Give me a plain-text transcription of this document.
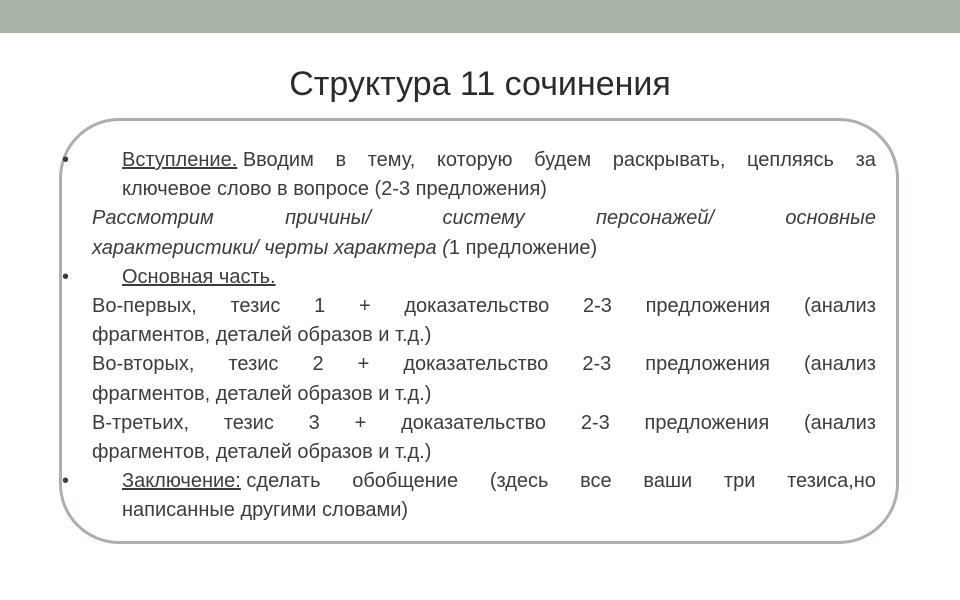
Структура 11 сочинения
•	Вступление. Вводим в тему, которую будем раскрывать, цепляясь за
ключевое слово в вопросе (2-3 предложения)
Рассмотрим	причины/	систему	персонажей/	основные
характеристики/ черты характера ( 1 предложение)
•	Основная часть.
Во-первых, тезис 1 + доказательство 2-3 предложения (анализ
фрагментов, деталей образов и т.д.)
Во-вторых, тезис 2 + доказательство 2-3 предложения (анализ
фрагментов, деталей образов и т.д.)
В-третьих, тезис 3 + доказательство 2-3 предложения (анализ
фрагментов, деталей образов и т.д.)
•	Заключение: сделать обобщение (здесь все ваши три тезиса,но
написанные другими словами)
